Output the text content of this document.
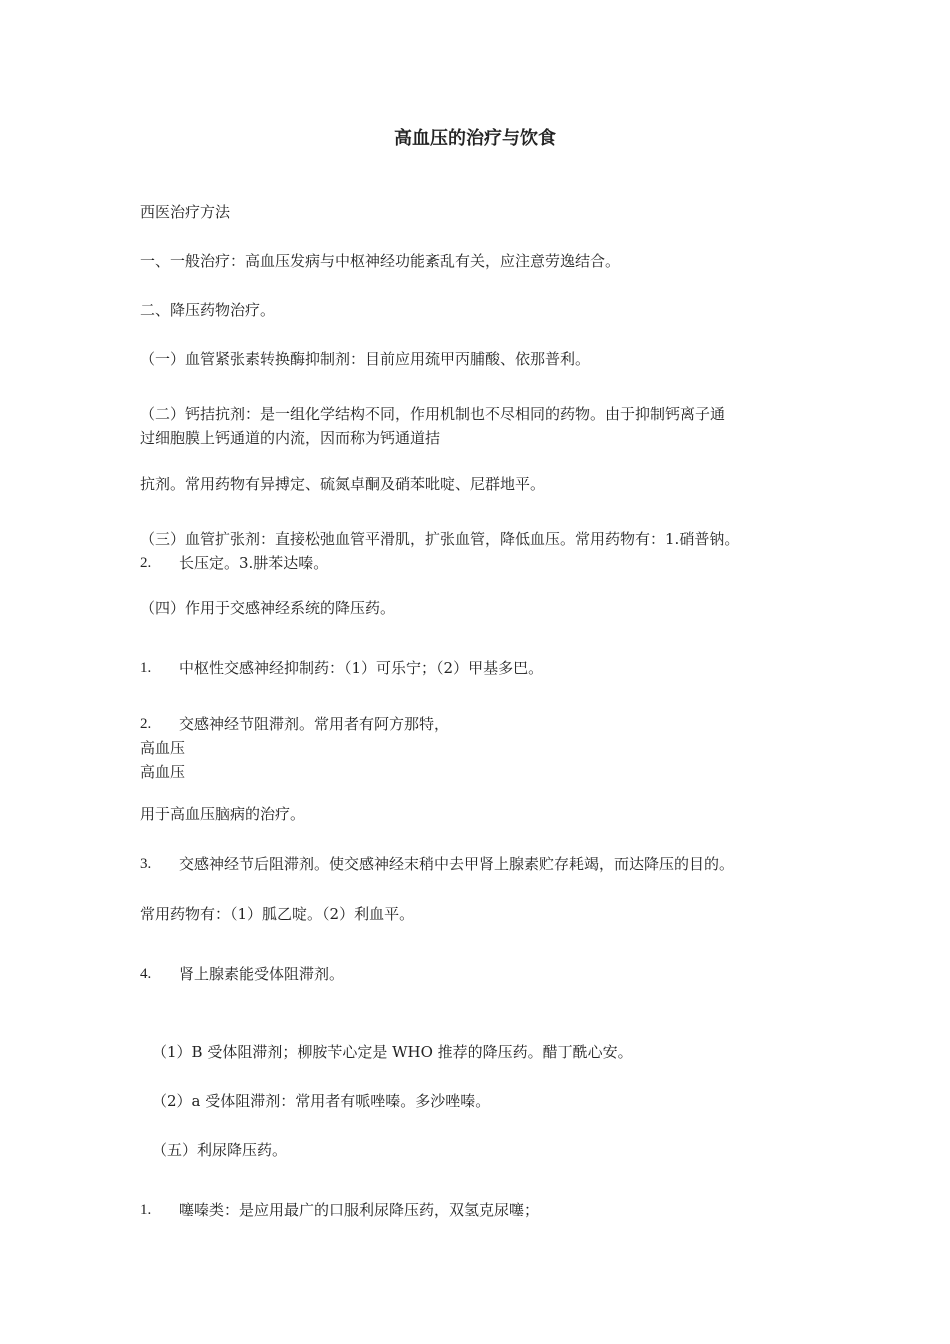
高血压的治疗与饮食
西医治疗方法
一、一般治疗：高血压发病与中枢神经功能紊乱有关，应注意劳逸结合。
二、降压药物治疗。
（一）血管紧张素转换酶抑制剂：目前应用巯甲丙脯酸、依那普利。
（二）钙拮抗剂：是一组化学结构不同，作用机制也不尽相同的药物。由于抑制钙离子通
过细胞膜上钙通道的内流，因而称为钙通道拮
抗剂。常用药物有异搏定、硫氮卓酮及硝苯吡啶、尼群地平。
（三）血管扩张剂：直接松弛血管平滑肌，扩张血管，降低血压。常用药物有：1.硝普钠。
2. 长压定。3.肼苯达嗪。
（四）作用于交感神经系统的降压药。
1. 中枢性交感神经抑制药：（1）可乐宁；（2）甲基多巴。
2. 交感神经节阻滞剂。常用者有阿方那特，
高血压
高血压
用于高血压脑病的治疗。
3. 交感神经节后阻滞剂。使交感神经末稍中去甲肾上腺素贮存耗竭，而达降压的目的。
常用药物有：（1）胍乙啶。（2）利血平。
4. 肾上腺素能受体阻滞剂。
（1）Β 受体阻滞剂；柳胺苄心定是 WHO 推荐的降压药。醋丁酰心安。
（2）a 受体阻滞剂：常用者有哌唑嗪。多沙唑嗪。
（五）利尿降压药。
1. 噻嗪类：是应用最广的口服利尿降压药，双氢克尿噻；
